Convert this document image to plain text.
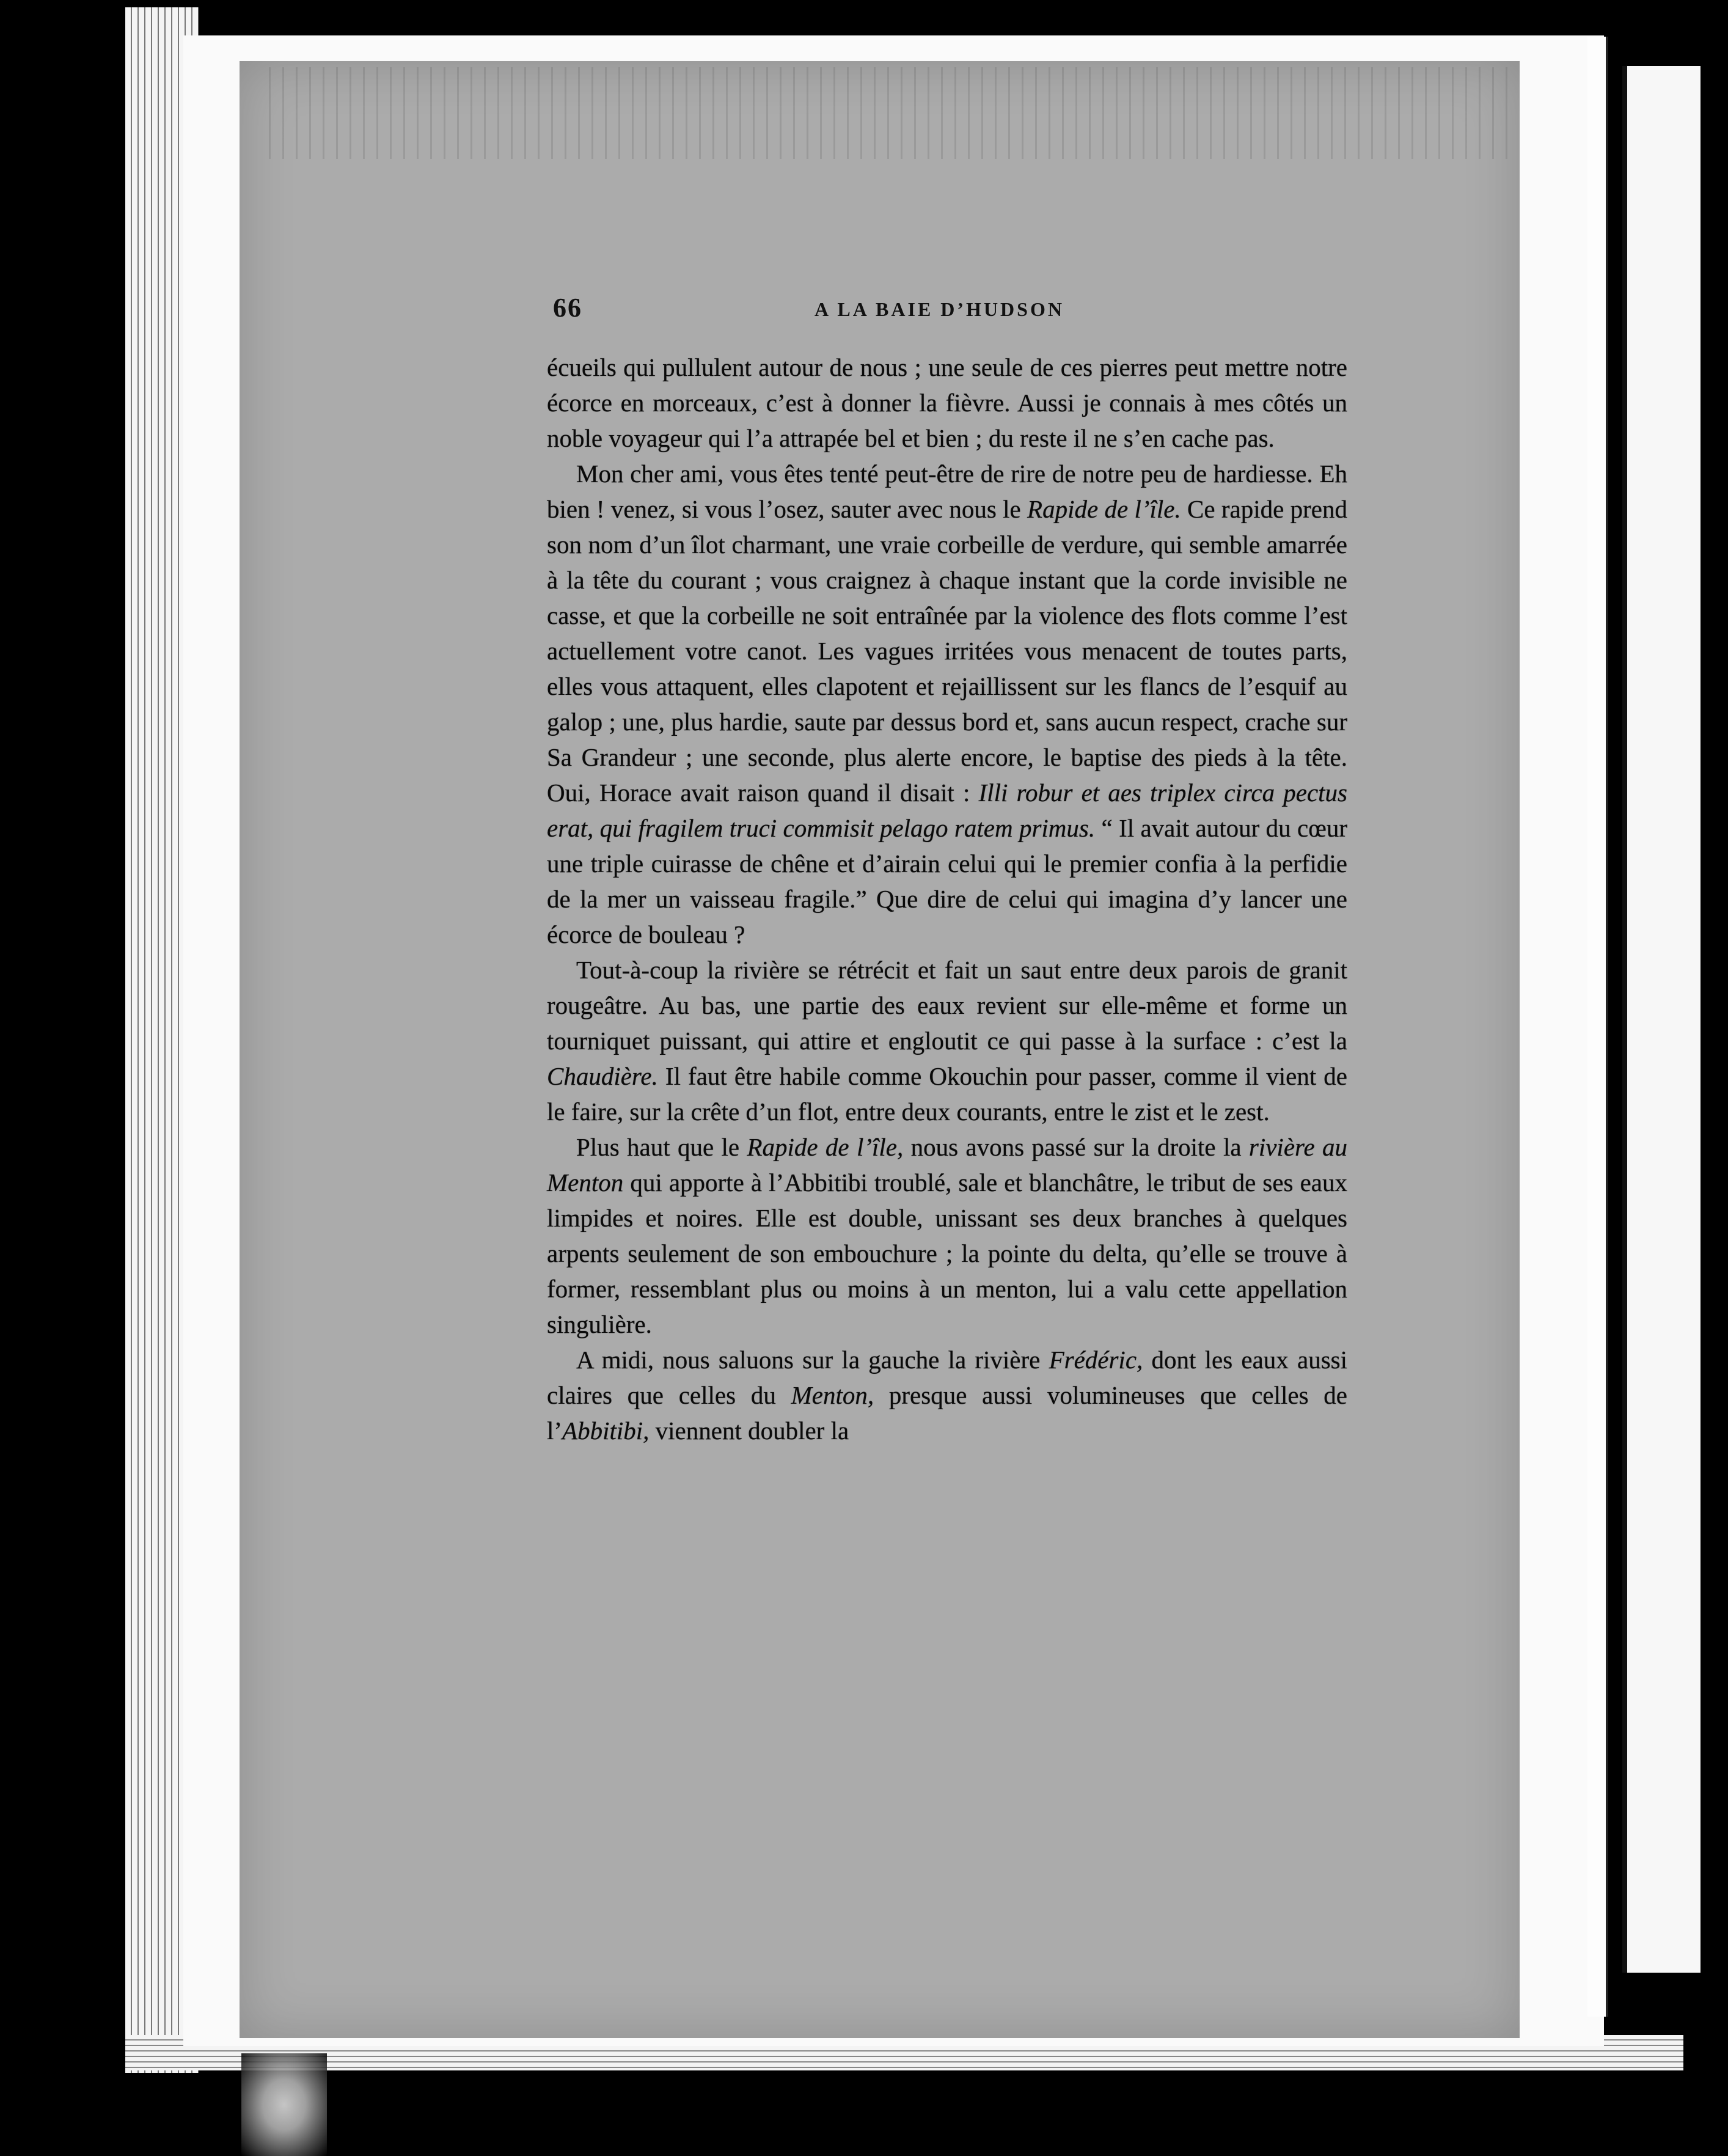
66	A LA BAIE D’HUDSON

écueils qui pullulent autour de nous ; une seule de ces pierres peut mettre notre écorce en morceaux, c’est à donner la fièvre. Aussi je connais à mes côtés un noble voyageur qui l’a attrapée bel et bien ; du reste il ne s’en cache pas.

Mon cher ami, vous êtes tenté peut-être de rire de notre peu de hardiesse. Eh bien ! venez, si vous l’osez, sauter avec nous le Rapide de l’île. Ce rapide prend son nom d’un îlot charmant, une vraie corbeille de verdure, qui semble amarrée à la tête du courant ; vous craignez à chaque instant que la corde invisible ne casse, et que la corbeille ne soit entraînée par la violence des flots comme l’est actuellement votre canot. Les vagues irritées vous menacent de toutes parts, elles vous attaquent, elles clapotent et rejaillissent sur les flancs de l’esquif au galop ; une, plus hardie, saute par dessus bord et, sans aucun respect, crache sur Sa Grandeur ; une seconde, plus alerte encore, le baptise des pieds à la tête. Oui, Horace avait raison quand il disait : Illi robur et aes triplex circa pectus erat, qui fragilem truci commisit pelago ratem primus. “ Il avait autour du cœur une triple cuirasse de chêne et d’airain celui qui le premier confia à la perfidie de la mer un vaisseau fragile.” Que dire de celui qui imagina d’y lancer une écorce de bouleau ?

Tout-à-coup la rivière se rétrécit et fait un saut entre deux parois de granit rougeâtre. Au bas, une partie des eaux revient sur elle-même et forme un tourniquet puissant, qui attire et engloutit ce qui passe à la surface : c’est la Chaudière. Il faut être habile comme Okouchin pour passer, comme il vient de le faire, sur la crête d’un flot, entre deux courants, entre le zist et le zest.

Plus haut que le Rapide de l’île, nous avons passé sur la droite la rivière au Menton qui apporte à l’Abbitibi troublé, sale et blanchâtre, le tribut de ses eaux limpides et noires. Elle est double, unissant ses deux branches à quelques arpents seulement de son embouchure ; la pointe du delta, qu’elle se trouve à former, ressemblant plus ou moins à un menton, lui a valu cette appellation singulière.

A midi, nous saluons sur la gauche la rivière Frédéric, dont les eaux aussi claires que celles du Menton, presque aussi volumineuses que celles de l’Abbitibi, viennent doubler la
